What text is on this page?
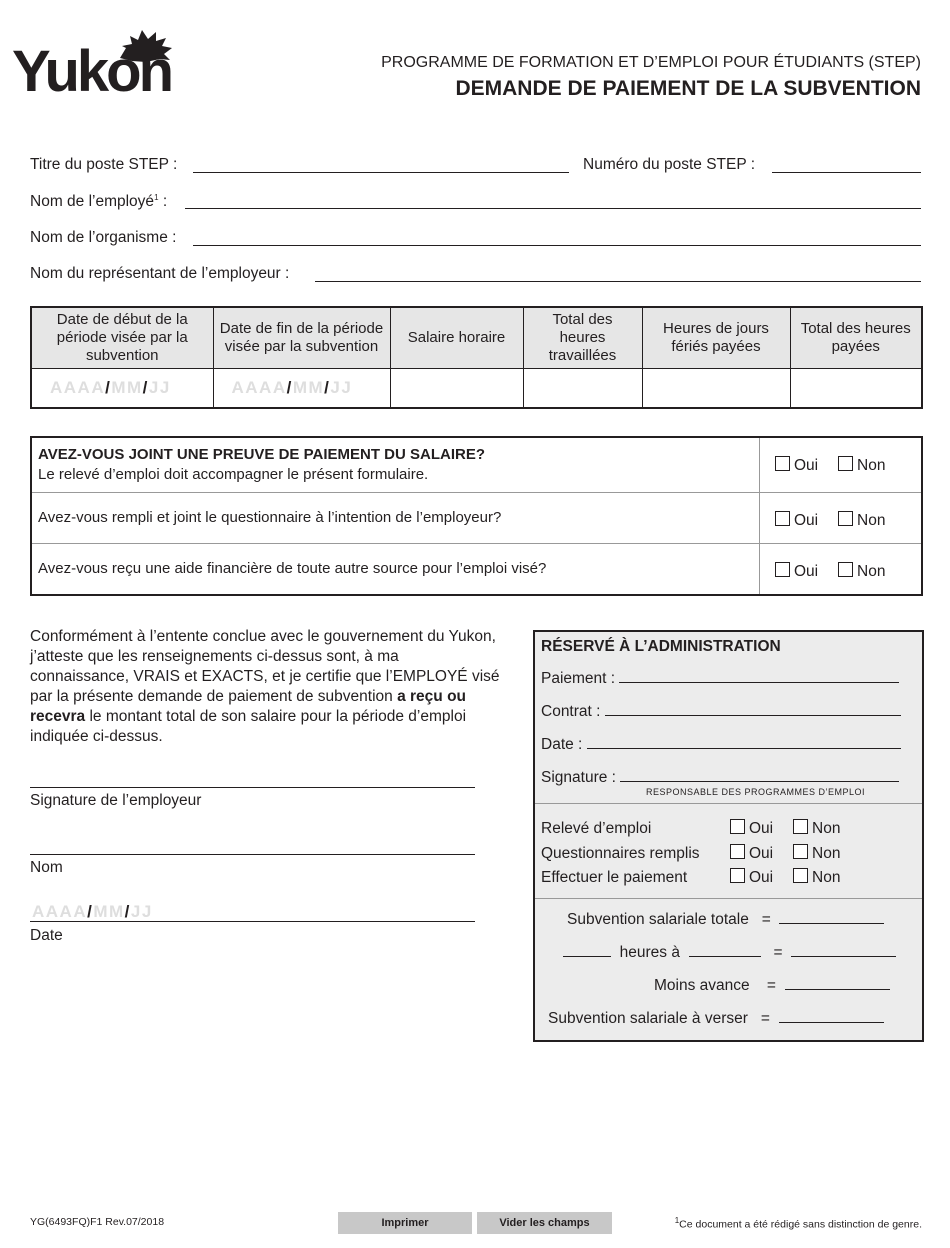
Yukon	PROGRAMME DE FORMATION ET D’EMPLOI POUR ÉTUDIANTS (STEP)
DEMANDE DE PAIEMENT DE LA SUBVENTION
Titre du poste STEP :	Numéro du poste STEP :
Nom de l’employé$^1$ :
Nom de l’organisme :
Nom du représentant de l’employeur :
Date de début de la période visée par la subvention	Date de fin de la période visée par la subvention	Salaire horaire	Total des heures travaillées	Heures de jours fériés payées	Total des heures payées
AAAA/MM/JJ	AAAA/MM/JJ				
AVEZ-VOUS JOINT UNE PREUVE DE PAIEMENT DU SALAIRE?
Le relevé d’emploi doit accompagner le présent formulaire.
Oui	Non
Avez-vous rempli et joint le questionnaire à l’intention de l’employeur?	Oui	Non
Avez-vous reçu une aide financière de toute autre source pour l’emploi visé?	Oui	Non
Conformément à l’entente conclue avec le gouvernement du Yukon, j’atteste que les renseignements ci-dessus sont, à ma connaissance, VRAIS et EXACTS, et je certifie que l’EMPLOYÉ visé par la présente demande de paiement de subvention a reçu ou recevra le montant total de son salaire pour la période d’emploi indiquée ci-dessus.
Signature de l’employeur
Nom
AAAA/MM/JJ
Date
RÉSERVÉ À L’ADMINISTRATION
Paiement :
Contrat :
Date :
Signature :
RESPONSABLE DES PROGRAMMES D’EMPLOI
Relevé d’emploi	Oui	Non
Questionnaires remplis	Oui	Non
Effectuer le paiement	Oui	Non
Subvention salariale totale =
heures à	=
Moins avance =
Subvention salariale à verser =
YG(6493FQ)F1 Rev.07/2018	Imprimer	Vider les champs	$^1$Ce document a été rédigé sans distinction de genre.
